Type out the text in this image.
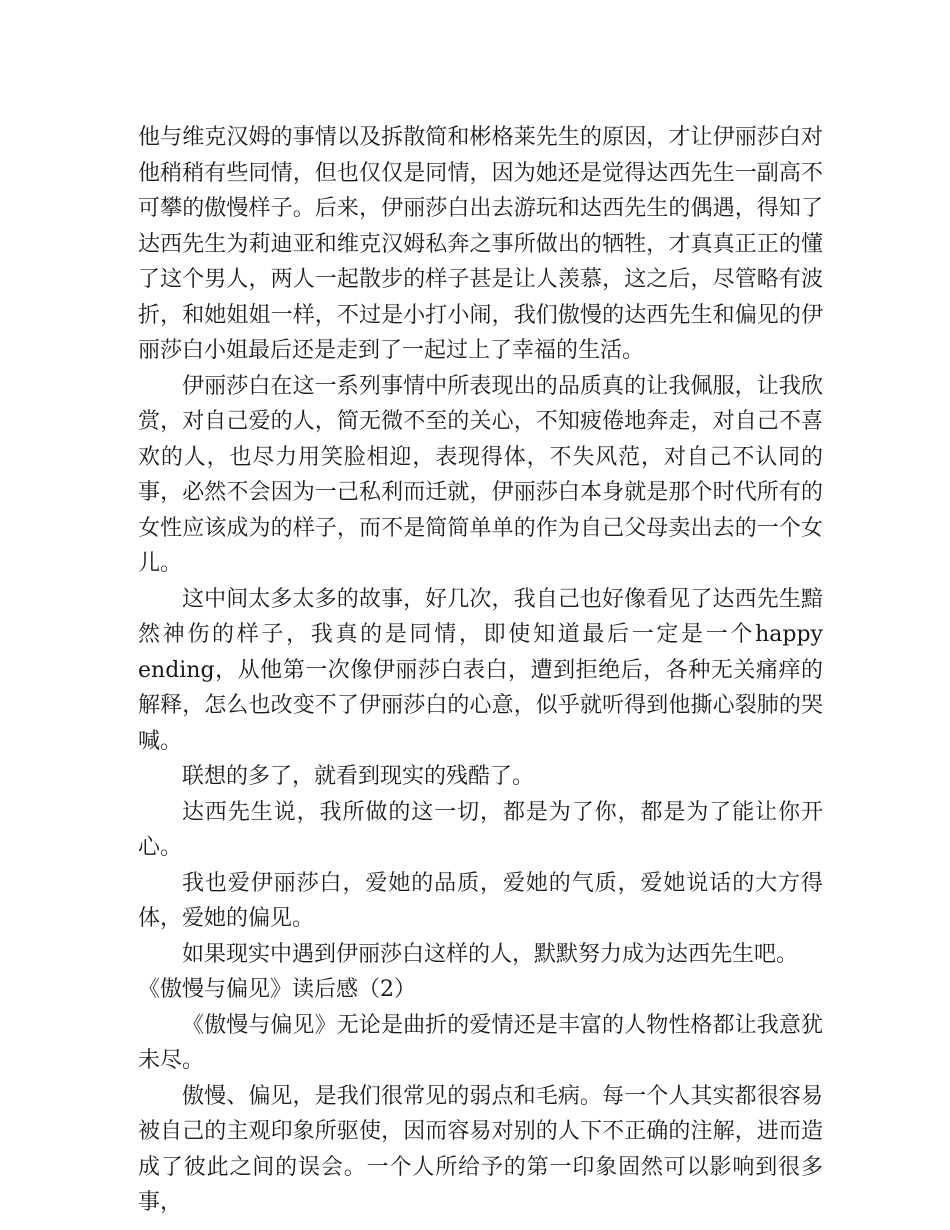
他与维克汉姆的事情以及拆散简和彬格莱先生的原因，才让伊丽莎白对他稍稍有些同情，但也仅仅是同情，因为她还是觉得达西先生一副高不可攀的傲慢样子。后来，伊丽莎白出去游玩和达西先生的偶遇，得知了达西先生为莉迪亚和维克汉姆私奔之事所做出的牺牲，才真真正正的懂了这个男人，两人一起散步的样子甚是让人羡慕，这之后，尽管略有波折，和她姐姐一样，不过是小打小闹，我们傲慢的达西先生和偏见的伊丽莎白小姐最后还是走到了一起过上了幸福的生活。

伊丽莎白在这一系列事情中所表现出的品质真的让我佩服，让我欣赏，对自己爱的人，简无微不至的关心，不知疲倦地奔走，对自己不喜欢的人，也尽力用笑脸相迎，表现得体，不失风范，对自己不认同的事，必然不会因为一己私利而迁就，伊丽莎白本身就是那个时代所有的女性应该成为的样子，而不是简简单单的作为自己父母卖出去的一个女儿。

这中间太多太多的故事，好几次，我自己也好像看见了达西先生黯然神伤的样子，我真的是同情，即使知道最后一定是一个happy ending，从他第一次像伊丽莎白表白，遭到拒绝后，各种无关痛痒的解释，怎么也改变不了伊丽莎白的心意，似乎就听得到他撕心裂肺的哭喊。

联想的多了，就看到现实的残酷了。

达西先生说，我所做的这一切，都是为了你，都是为了能让你开心。

我也爱伊丽莎白，爱她的品质，爱她的气质，爱她说话的大方得体，爱她的偏见。

如果现实中遇到伊丽莎白这样的人，默默努力成为达西先生吧。

《傲慢与偏见》读后感（2）

《傲慢与偏见》无论是曲折的爱情还是丰富的人物性格都让我意犹未尽。

傲慢、偏见，是我们很常见的弱点和毛病。每一个人其实都很容易被自己的主观印象所驱使，因而容易对别的人下不正确的注解，进而造成了彼此之间的误会。一个人所给予的第一印象固然可以影响到很多事，
